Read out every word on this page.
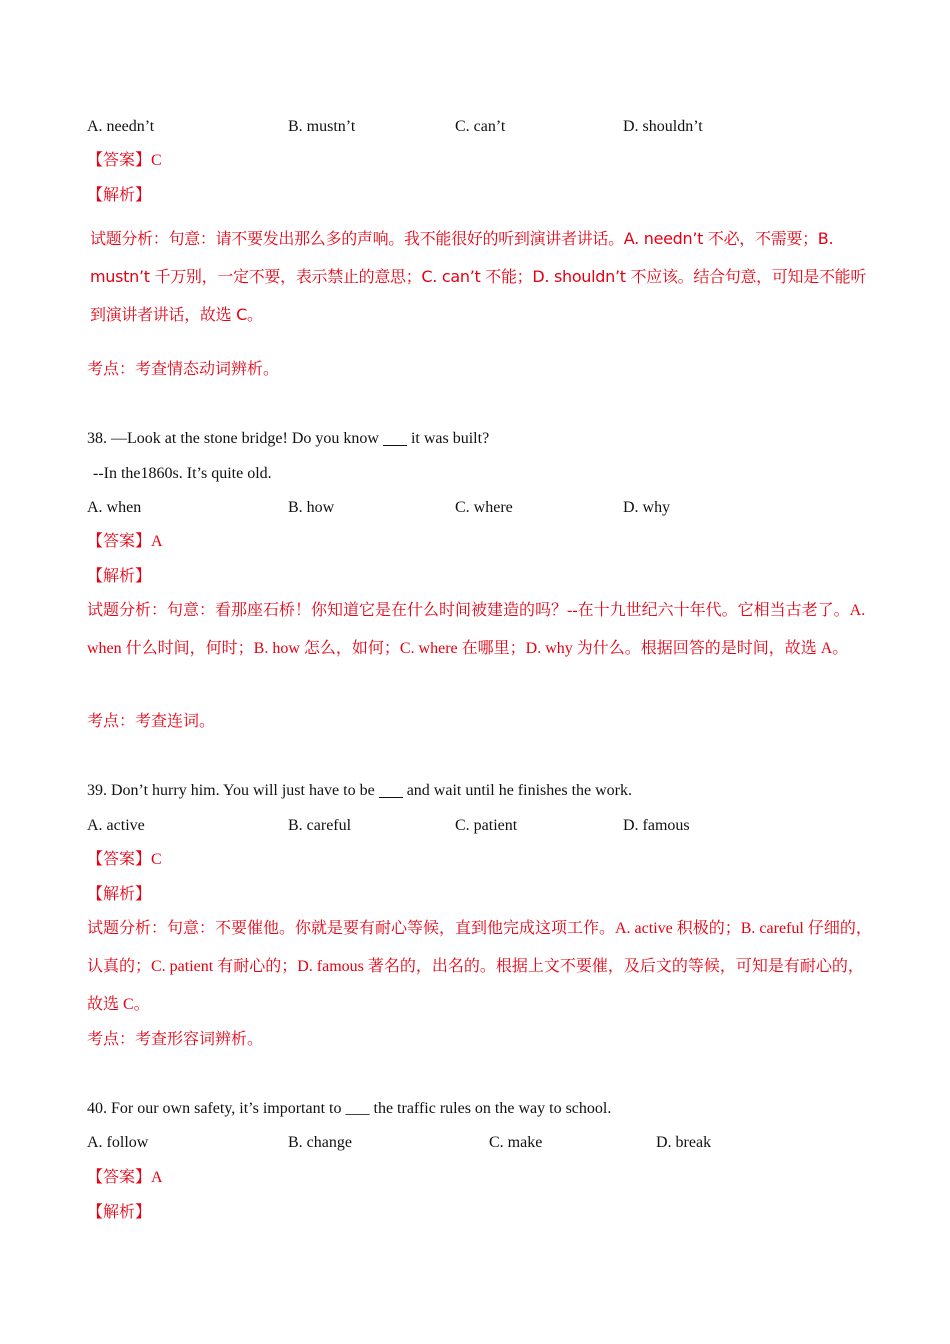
A. needn’t	B. mustn’t	C. can’t	D. shouldn’t
【答案】C
【解析】
试题分析：句意：请不要发出那么多的声响。我不能很好的听到演讲者讲话。A. needn’t 不必，不需要；B. mustn’t 千万别，一定不要，表示禁止的意思；C. can’t 不能；D. shouldn’t 不应该。结合句意，可知是不能听到演讲者讲话，故选 C。
考点：考查情态动词辨析。
38. —Look at the stone bridge! Do you know it was built?
--In the1860s. It’s quite old.
A. when	B. how	C. where	D. why
【答案】A
【解析】
试题分析：句意：看那座石桥！你知道它是在什么时间被建造的吗？--在十九世纪六十年代。它相当古老了。A. when 什么时间，何时；B. how 怎么，如何；C. where 在哪里；D. why 为什么。根据回答的是时间，故选 A。
考点：考查连词。
39. Don’t hurry him. You will just have to be and wait until he finishes the work.
A. active	B. careful	C. patient	D. famous
【答案】C
【解析】
试题分析：句意：不要催他。你就是要有耐心等候，直到他完成这项工作。A. active 积极的；B. careful 仔细的，认真的；C. patient 有耐心的；D. famous 著名的，出名的。根据上文不要催，及后文的等候，可知是有耐心的，故选 C。
考点：考查形容词辨析。
40. For our own safety, it’s important to ___ the traffic rules on the way to school.
A. follow	B. change	C. make	D. break
【答案】A
【解析】
